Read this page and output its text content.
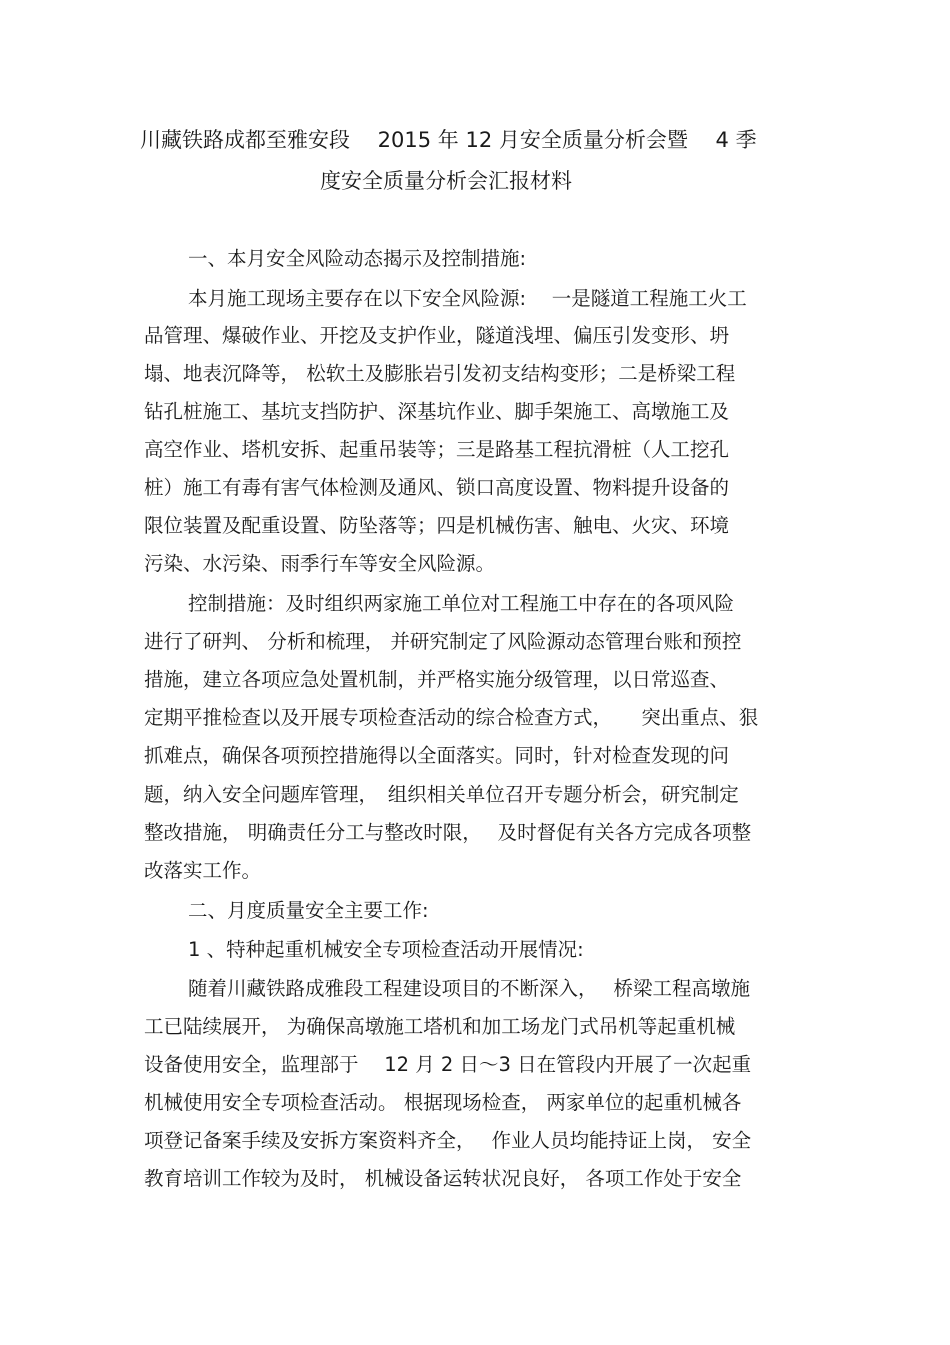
川藏铁路成都至雅安段　 2015 年 12 月安全质量分析会暨　 4 季
度安全质量分析会汇报材料
一、本月安全风险动态揭示及控制措施:
本月施工现场主要存在以下安全风险源:　 一是隧道工程施工火工
品管理、爆破作业、开挖及支护作业，隧道浅埋、偏压引发变形、坍
塌、地表沉降等， 松软土及膨胀岩引发初支结构变形；二是桥梁工程
钻孔桩施工、基坑支挡防护、深基坑作业、脚手架施工、高墩施工及
高空作业、塔机安拆、起重吊装等；三是路基工程抗滑桩（人工挖孔
桩）施工有毒有害气体检测及通风、锁口高度设置、物料提升设备的
限位装置及配重设置、防坠落等；四是机械伤害、触电、火灾、环境
污染、水污染、雨季行车等安全风险源。
控制措施：及时组织两家施工单位对工程施工中存在的各项风险
进行了研判、 分析和梳理， 并研究制定了风险源动态管理台账和预控
措施，建立各项应急处置机制，并严格实施分级管理，以日常巡查、
定期平推检查以及开展专项检查活动的综合检查方式，　　突出重点、狠
抓难点，确保各项预控措施得以全面落实。同时，针对检查发现的问
题，纳入安全问题库管理，　组织相关单位召开专题分析会，研究制定
整改措施， 明确责任分工与整改时限，　 及时督促有关各方完成各项整
改落实工作。
二、月度质量安全主要工作:
1 、特种起重机械安全专项检查活动开展情况:
随着川藏铁路成雅段工程建设项目的不断深入，　 桥梁工程高墩施
工已陆续展开， 为确保高墩施工塔机和加工场龙门式吊机等起重机械
设备使用安全，监理部于　 12 月 2 日～3 日在管段内开展了一次起重
机械使用安全专项检查活动。 根据现场检查， 两家单位的起重机械各
项登记备案手续及安拆方案资料齐全，　 作业人员均能持证上岗， 安全
教育培训工作较为及时， 机械设备运转状况良好， 各项工作处于安全
